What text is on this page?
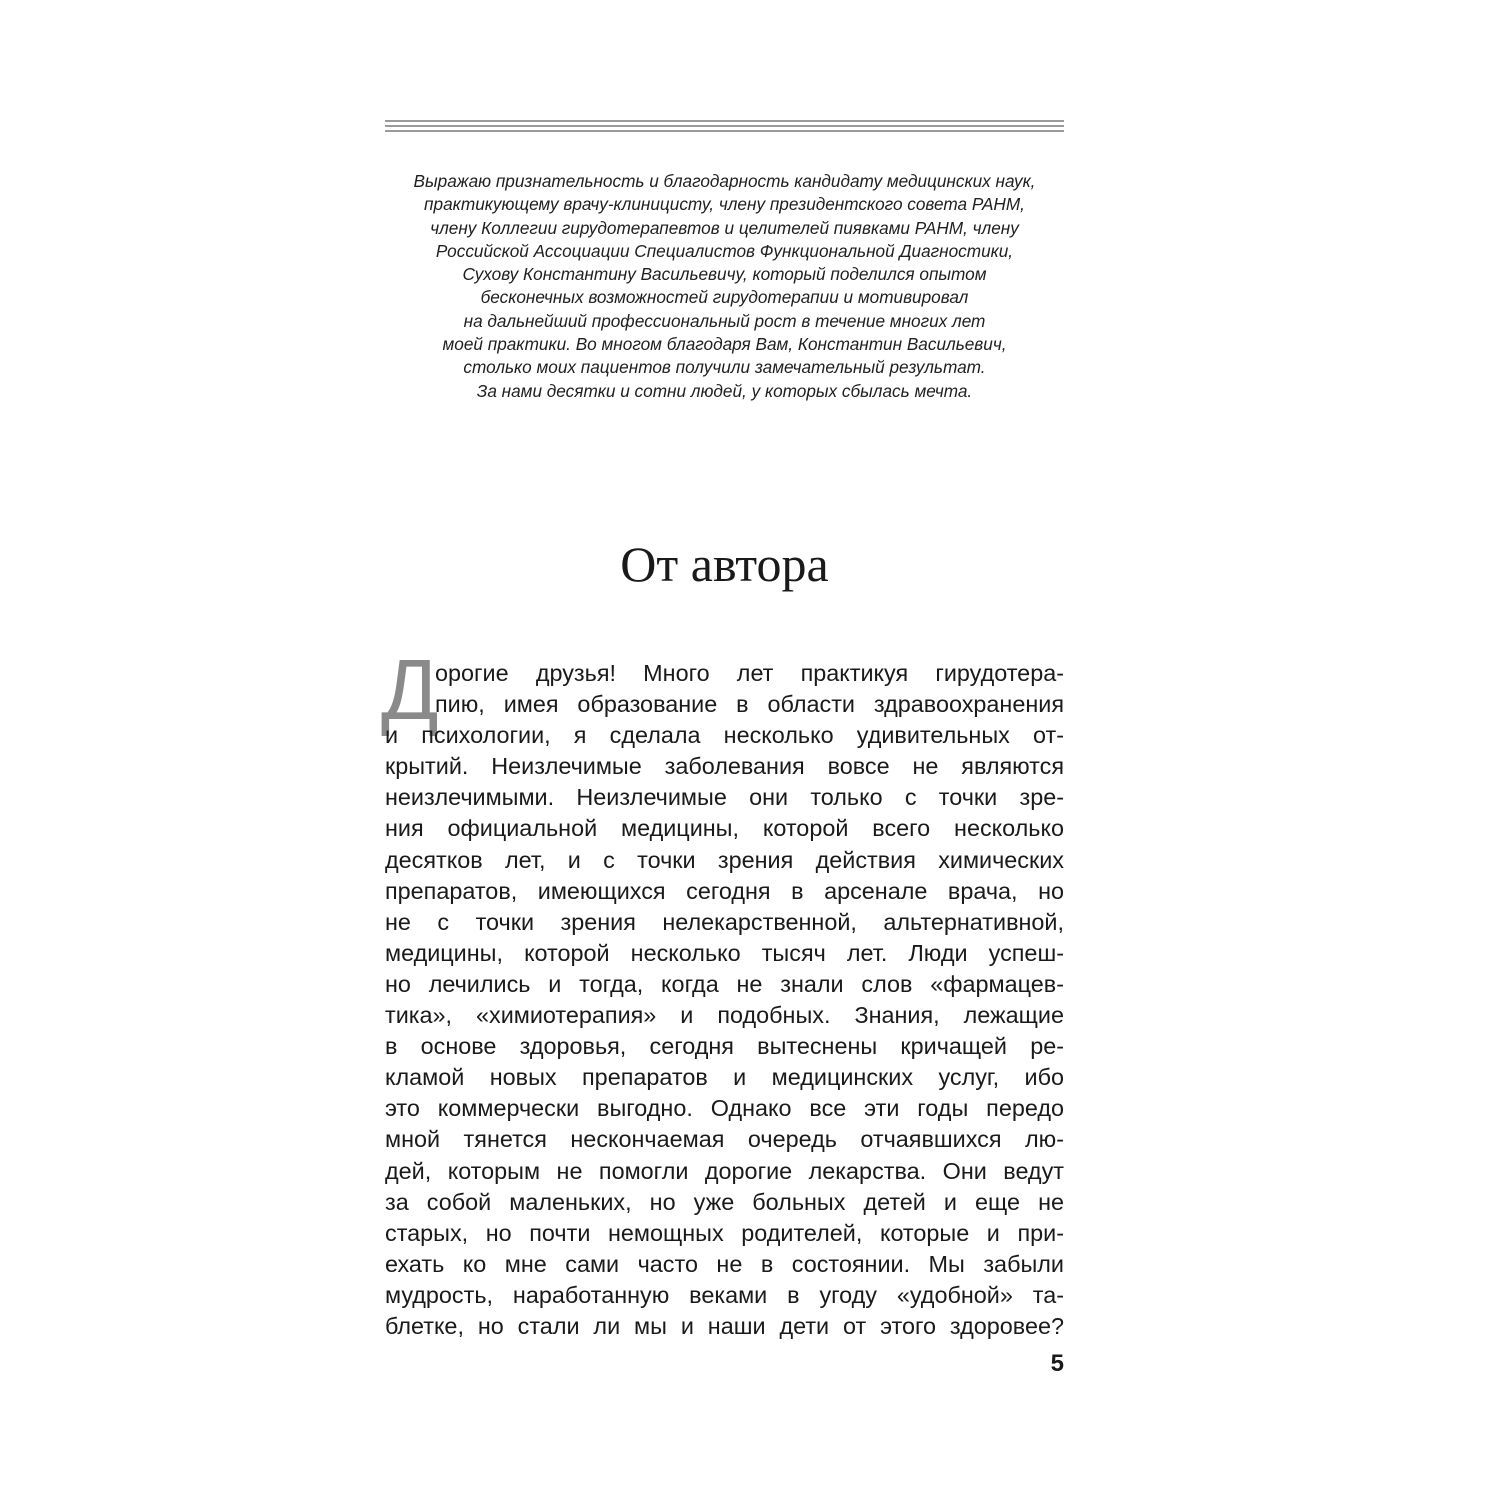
Выражаю признательность и благодарность кандидату медицинских наук,
практикующему врачу-клиницисту, члену президентского совета РАНМ,
члену Коллегии гирудотерапевтов и целителей пиявками РАНМ, члену
Российской Ассоциации Специалистов Функциональной Диагностики,
Сухову Константину Васильевичу, который поделился опытом
бесконечных возможностей гирудотерапии и мотивировал
на дальнейший профессиональный рост в течение многих лет
моей практики. Во многом благодаря Вам, Константин Васильевич,
столько моих пациентов получили замечательный результат.
За нами десятки и сотни людей, у которых сбылась мечта.
От автора
Д
орогие друзья! Много лет практикуя гирудотера-
пию, имея образование в области здравоохранения
и психологии, я сделала несколько удивительных от-
крытий. Неизлечимые заболевания вовсе не являются
неизлечимыми. Неизлечимые они только с точки зре-
ния официальной медицины, которой всего несколько
десятков лет, и с точки зрения действия химических
препаратов, имеющихся сегодня в арсенале врача, но
не с точки зрения нелекарственной, альтернативной,
медицины, которой несколько тысяч лет. Люди успеш-
но лечились и тогда, когда не знали слов «фармацев-
тика», «химиотерапия» и подобных. Знания, лежащие
в основе здоровья, сегодня вытеснены кричащей ре-
кламой новых препаратов и медицинских услуг, ибо
это коммерчески выгодно. Однако все эти годы передо
мной тянется нескончаемая очередь отчаявшихся лю-
дей, которым не помогли дорогие лекарства. Они ведут
за собой маленьких, но уже больных детей и еще не
старых, но почти немощных родителей, которые и при-
ехать ко мне сами часто не в состоянии. Мы забыли
мудрость, наработанную веками в угоду «удобной» та-
блетке, но стали ли мы и наши дети от этого здоровее?
5
